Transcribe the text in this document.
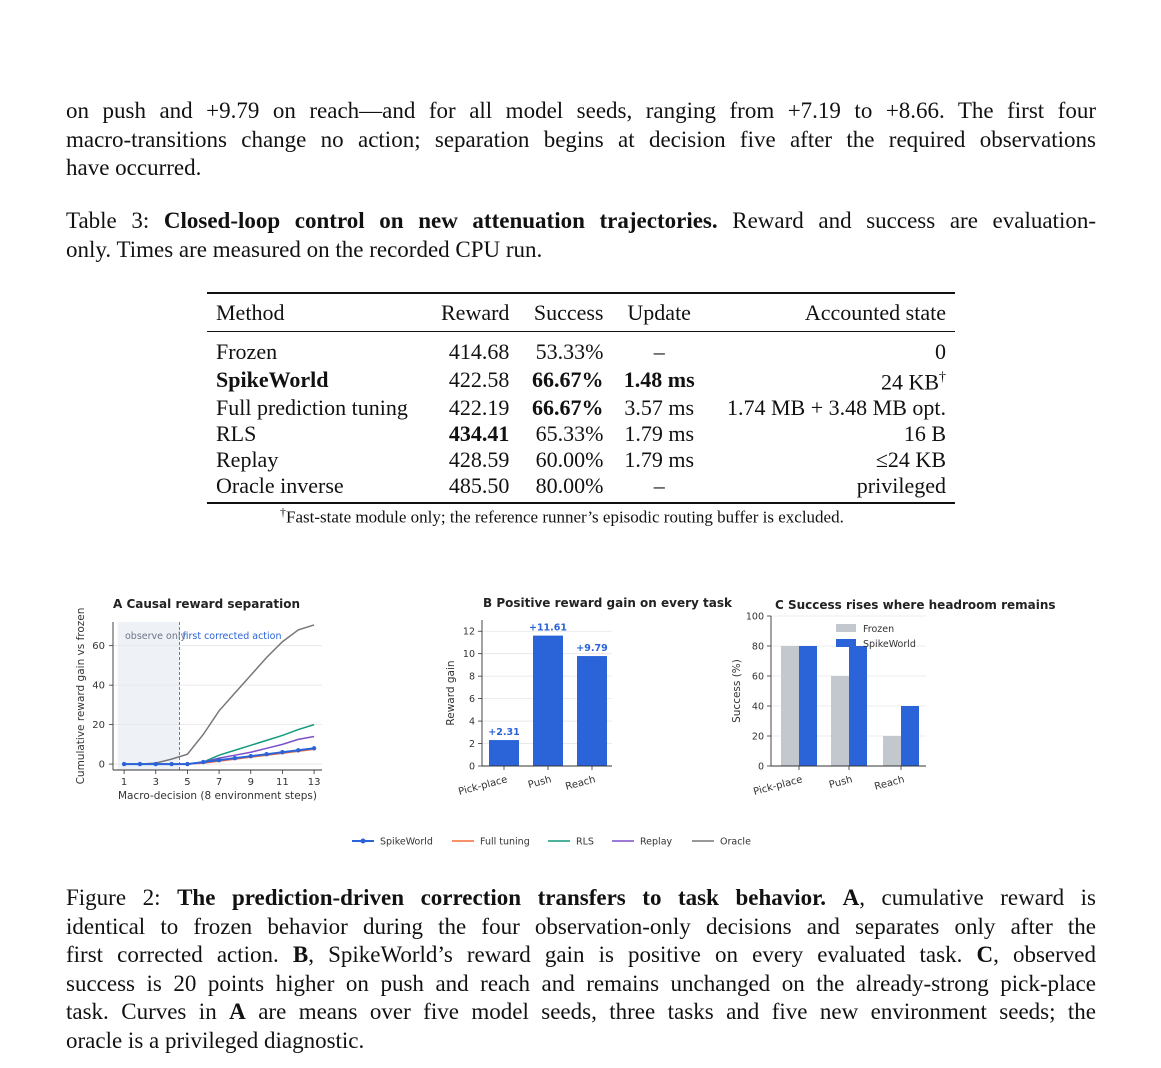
on push and +9.79 on reach—and for all model seeds, ranging from +7.19 to +8.66. The first four
macro-transitions change no action; separation begins at decision five after the required observations
have occurred.
Table 3: Closed-loop control on new attenuation trajectories. Reward and success are evaluation-
only. Times are measured on the recorded CPU run.
Method	Reward	Success	Update	Accounted state
Frozen	414.68	53.33%	–	0
SpikeWorld	422.58	66.67%	1.48 ms	24 KB†
Full prediction tuning	422.19	66.67%	3.57 ms	1.74 MB + 3.48 MB opt.
RLS	434.41	65.33%	1.79 ms	16 B
Replay	428.59	60.00%	1.79 ms	≤24 KB
Oracle inverse	485.50	80.00%	–	privileged
†Fast-state module only; the reference runner’s episodic routing buffer is excluded.
0
20
40
60
1	3	5	7	9 11 13
A Causal reward separation
observe only
first corrected action
Macro-decision (8 environment steps)
Cumulative reward gain vs frozen	0
2
4
6
8
10
12
+2.31
Pick-place
+11.61
Push
+9.79
Reach
B Positive reward gain on every task
Reward gain
0
20
40
60
80
100
Pick-place Push Reach
C Success rises where headroom remains
Success (%)
Frozen
SpikeWorld
SpikeWorld	Full tuning	RLS	Replay	Oracle
Figure 2: The prediction-driven correction transfers to task behavior. A, cumulative reward is
identical to frozen behavior during the four observation-only decisions and separates only after the
first corrected action. B, SpikeWorld’s reward gain is positive on every evaluated task. C, observed
success is 20 points higher on push and reach and remains unchanged on the already-strong pick-place
task. Curves in A are means over five model seeds, three tasks and five new environment seeds; the
oracle is a privileged diagnostic.
